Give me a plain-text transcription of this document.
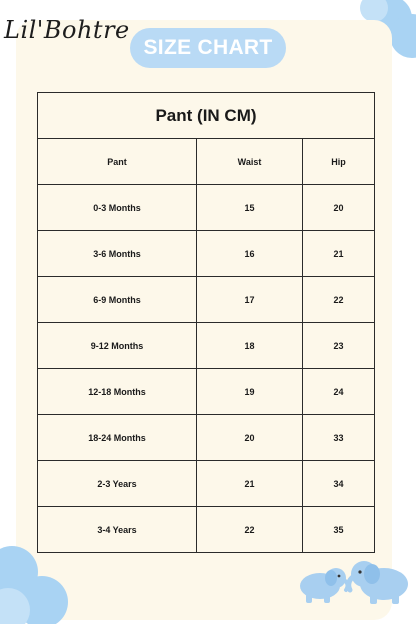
Lil'Bohtre
SIZE CHART
Pant (IN CM)		
Pant	Waist	Hip
0-3 Months	15	20
3-6 Months	16	21
6-9 Months	17	22
9-12 Months	18	23
12-18 Months	19	24
18-24 Months	20	33
2-3 Years	21	34
3-4 Years	22	35
